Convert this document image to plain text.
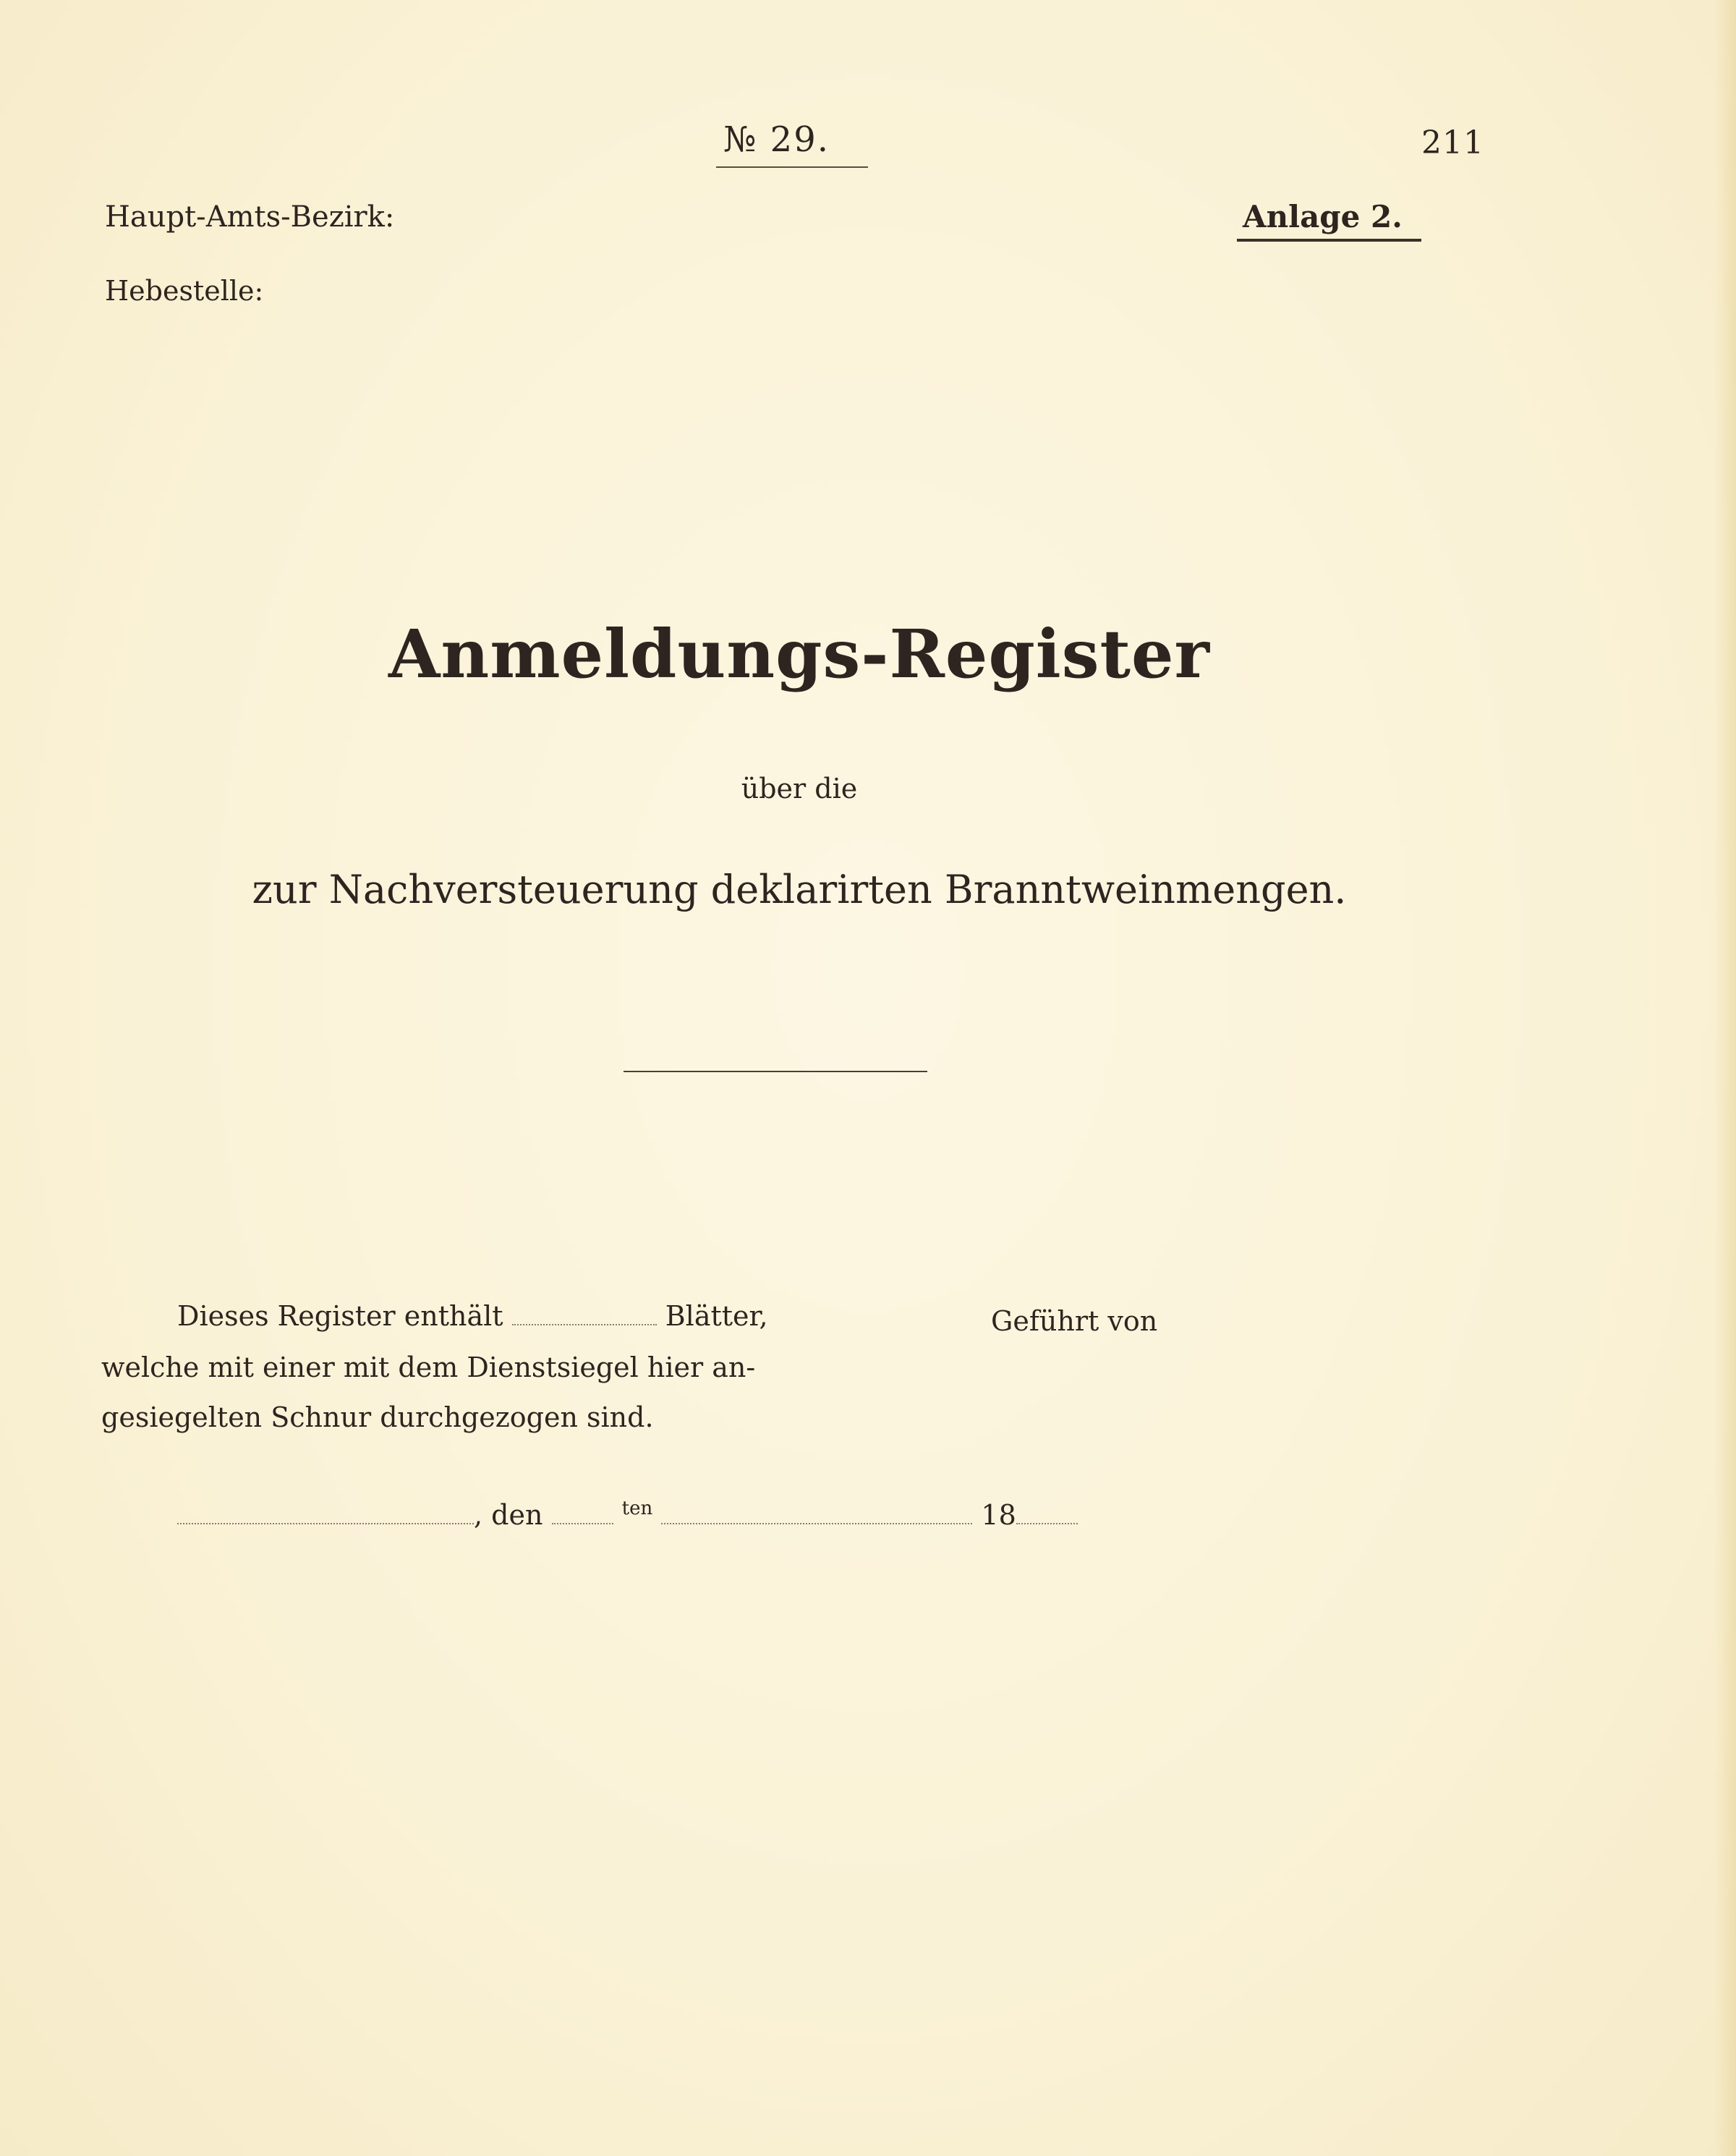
№ 29.	211
Anlage 2.
Haupt-Amts-Bezirk:
Hebestelle:
Anmeldungs-Register
über die
zur Nachversteuerung deklarirten Branntweinmengen.
Dieses Register enthält	Blätter,
welche mit einer mit dem Dienstsiegel hier an-
gesiegelten Schnur durchgezogen sind.
Geführt von
, den	$^{ten}$	18
